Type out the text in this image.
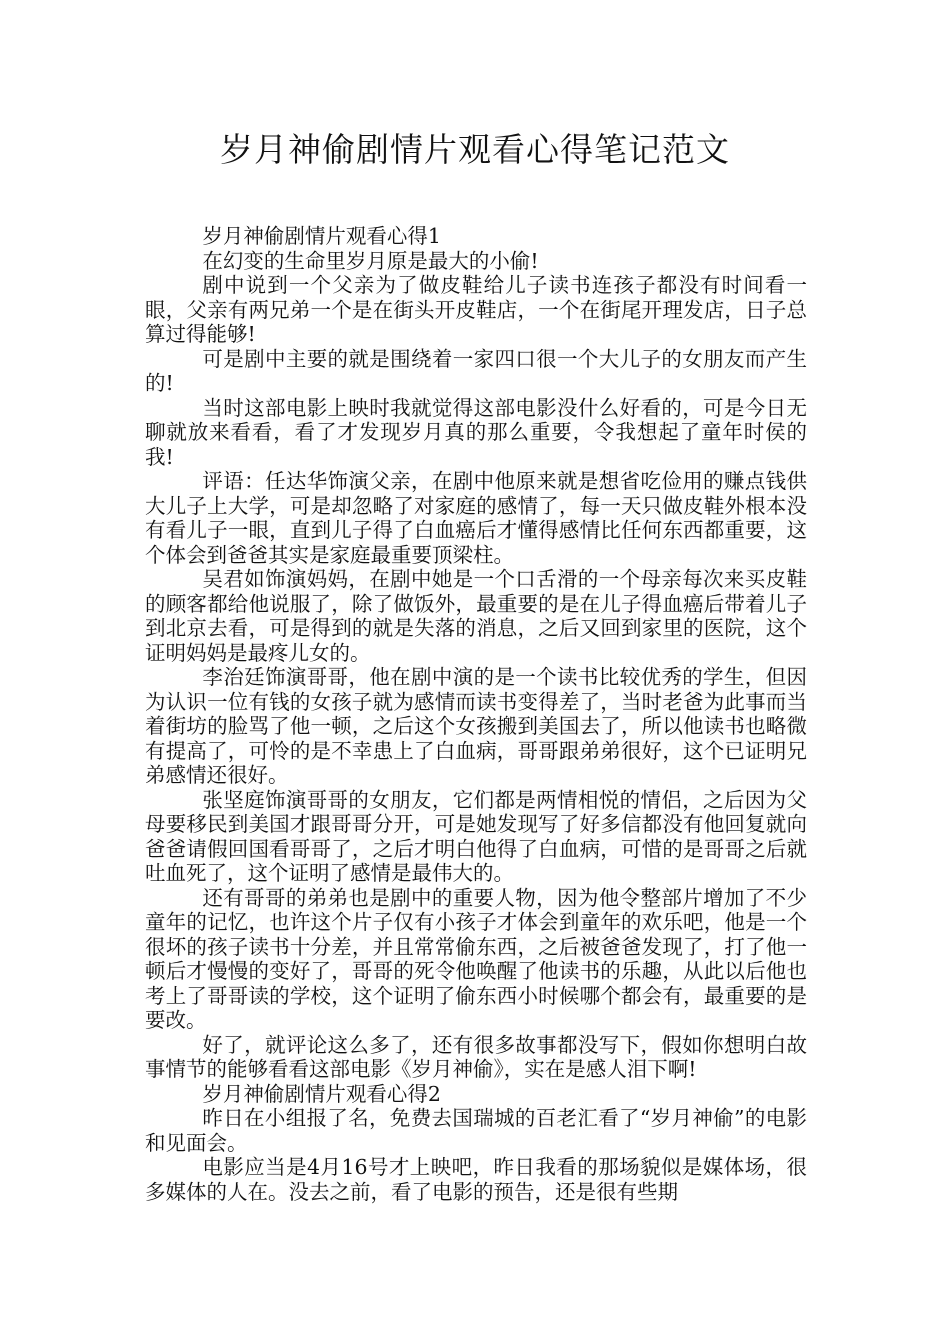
岁月神偷剧情片观看心得笔记范文

岁月神偷剧情片观看心得1

在幻变的生命里岁月原是最大的小偷!

剧中说到一个父亲为了做皮鞋给儿子读书连孩子都没有时间看一眼，父亲有两兄弟一个是在街头开皮鞋店，一个在街尾开理发店，日子总算过得能够!

可是剧中主要的就是围绕着一家四口很一个大儿子的女朋友而产生的!

当时这部电影上映时我就觉得这部电影没什么好看的，可是今日无聊就放来看看，看了才发现岁月真的那么重要，令我想起了童年时侯的我!

评语：任达华饰演父亲，在剧中他原来就是想省吃俭用的赚点钱供大儿子上大学，可是却忽略了对家庭的感情了，每一天只做皮鞋外根本没有看儿子一眼，直到儿子得了白血癌后才懂得感情比任何东西都重要，这个体会到爸爸其实是家庭最重要顶梁柱。

吴君如饰演妈妈，在剧中她是一个口舌滑的一个母亲每次来买皮鞋的顾客都给他说服了，除了做饭外，最重要的是在儿子得血癌后带着儿子到北京去看，可是得到的就是失落的消息，之后又回到家里的医院，这个证明妈妈是最疼儿女的。

李治廷饰演哥哥，他在剧中演的是一个读书比较优秀的学生，但因为认识一位有钱的女孩子就为感情而读书变得差了，当时老爸为此事而当着街坊的脸骂了他一顿，之后这个女孩搬到美国去了，所以他读书也略微有提高了，可怜的是不幸患上了白血病，哥哥跟弟弟很好，这个已证明兄弟感情还很好。

张坚庭饰演哥哥的女朋友，它们都是两情相悦的情侣，之后因为父母要移民到美国才跟哥哥分开，可是她发现写了好多信都没有他回复就向爸爸请假回国看哥哥了，之后才明白他得了白血病，可惜的是哥哥之后就吐血死了，这个证明了感情是最伟大的。

还有哥哥的弟弟也是剧中的重要人物，因为他令整部片增加了不少童年的记忆，也许这个片子仅有小孩子才体会到童年的欢乐吧，他是一个很坏的孩子读书十分差，并且常常偷东西，之后被爸爸发现了，打了他一顿后才慢慢的变好了，哥哥的死令他唤醒了他读书的乐趣，从此以后他也考上了哥哥读的学校，这个证明了偷东西小时候哪个都会有，最重要的是要改。

好了，就评论这么多了，还有很多故事都没写下，假如你想明白故事情节的能够看看这部电影《岁月神偷》，实在是感人泪下啊!

岁月神偷剧情片观看心得2

昨日在小组报了名，免费去国瑞城的百老汇看了“岁月神偷”的电影和见面会。

电影应当是4月16号才上映吧，昨日我看的那场貌似是媒体场，很多媒体的人在。没去之前，看了电影的预告，还是很有些期
